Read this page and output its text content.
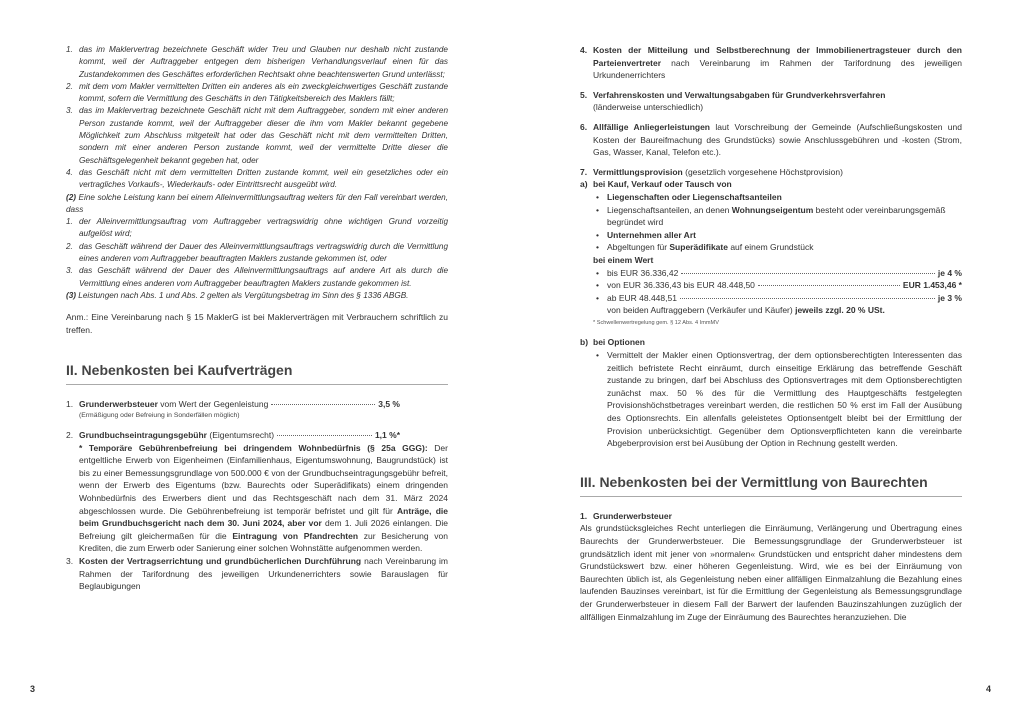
1. das im Maklervertrag bezeichnete Geschäft wider Treu und Glauben nur deshalb nicht zustande kommt, weil der Auftraggeber entgegen dem bisherigen Verhandlungsverlauf einen für das Zustandekommen des Geschäftes erforderlichen Rechtsakt ohne beachtenswerten Grund unterlässt;
2. mit dem vom Makler vermittelten Dritten ein anderes als ein zweckgleichwertiges Geschäft zustande kommt, sofern die Vermittlung des Geschäfts in den Tätigkeitsbereich des Maklers fällt;
3. das im Maklervertrag bezeichnete Geschäft nicht mit dem Auftraggeber, sondern mit einer anderen Person zustande kommt, weil der Auftraggeber dieser die ihm vom Makler bekannt gegebene Möglichkeit zum Abschluss mitgeteilt hat oder das Geschäft nicht mit dem vermittelten Dritten, sondern mit einer anderen Person zustande kommt, weil der vermittelte Dritte dieser die Geschäftsgelegenheit bekannt gegeben hat, oder
4. das Geschäft nicht mit dem vermittelten Dritten zustande kommt, weil ein gesetzliches oder ein vertragliches Vorkaufs-, Wiederkaufs- oder Eintrittsrecht ausgeübt wird.
(2) Eine solche Leistung kann bei einem Alleinvermittlungsauftrag weiters für den Fall vereinbart werden, dass
1. der Alleinvermittlungsauftrag vom Auftraggeber vertragswidrig ohne wichtigen Grund vorzeitig aufgelöst wird;
2. das Geschäft während der Dauer des Alleinvermittlungsauftrags vertragswidrig durch die Vermittlung eines anderen vom Auftraggeber beauftragten Maklers zustande gekommen ist, oder
3. das Geschäft während der Dauer des Alleinvermittlungsauftrags auf andere Art als durch die Vermittlung eines anderen vom Auftraggeber beauftragten Maklers zustande gekommen ist.
(3) Leistungen nach Abs. 1 und Abs. 2 gelten als Vergütungsbetrag im Sinn des § 1336 ABGB.
Anm.: Eine Vereinbarung nach § 15 MaklerG ist bei Maklerverträgen mit Verbrauchern schriftlich zu treffen.
II. Nebenkosten bei Kaufverträgen
1. Grunderwerbsteuer
vom Wert der Gegenleistung	3,5 %
(Ermäßigung oder Befreiung in Sonderfällen möglich)
2. Grundbuchseintragungsgebühr
(Eigentumsrecht)	1,1 %*
* Temporäre Gebührenbefreiung bei dringendem Wohnbedürfnis (§ 25a GGG): Der entgeltliche Erwerb von Eigenheimen (Einfamilienhaus, Eigentumswohnung, Baugrundstück) ist bis zu einer Bemessungsgrundlage von 500.000 € von der Grundbuchseintragungsgebühr befreit, wenn der Erwerb des Eigentums (bzw. Baurechts oder Superädifikats) einem dringenden Wohnbedürfnis des Erwerbers dient und das Rechtsgeschäft nach dem 31. März 2024 abgeschlossen wurde. Die Gebührenbefreiung ist temporär befristet und gilt für Anträge, die beim Grundbuchsgericht nach dem 30. Juni 2024, aber vor dem 1. Juli 2026 einlangen. Die Befreiung gilt gleichermaßen für die Eintragung von Pfandrechten zur Besicherung von Krediten, die zum Erwerb oder Sanierung einer solchen Wohnstätte aufgenommen werden.
3. Kosten der Vertragserrichtung und grundbücherlichen Durchführung nach Vereinbarung im Rahmen der Tarifordnung des jeweiligen Urkundenerrichters sowie Barauslagen für Beglaubigungen
3
4. Kosten der Mitteilung und Selbstberechnung der Immobilienertragsteuer durch den Parteienvertreter nach Vereinbarung im Rahmen der Tarifordnung des jeweiligen Urkundenerrichters
5. Verfahrenskosten und Verwaltungsabgaben für Grundverkehrsverfahren
(länderweise unterschiedlich)
6. Allfällige Anliegerleistungen laut Vorschreibung der Gemeinde (Aufschließungskosten und Kosten der Baureifmachung des Grundstücks) sowie Anschlussgebühren und -kosten (Strom, Gas, Wasser, Kanal, Telefon etc.).
7. Vermittlungsprovision (gesetzlich vorgesehene Höchstprovision)
a) bei Kauf, Verkauf oder Tausch von
• Liegenschaften oder Liegenschaftsanteilen
• Liegenschaftsanteilen, an denen Wohnungseigentum besteht oder vereinbarungsgemäß begründet wird
• Unternehmen aller Art
• Abgeltungen für Superädifikate auf einem Grundstück
bei einem Wert
• bis EUR 36.336,42	je 4 %
• von EUR 36.336,43 bis EUR 48.448,50	EUR 1.453,46 *
• ab EUR 48.448,51	je 3 %
von beiden Auftraggebern (Verkäufer und Käufer) jeweils zzgl. 20 % USt.
* Schwellenwertregelung gem. § 12 Abs. 4 ImmMV
b) bei Optionen
• Vermittelt der Makler einen Optionsvertrag, der dem optionsberechtigten Interessenten das zeitlich befristete Recht einräumt, durch einseitige Erklärung das betreffende Geschäft zustande zu bringen, darf bei Abschluss des Optionsvertrages mit dem Optionsberechtigten zunächst max. 50 % des für die Vermittlung des Hauptgeschäfts festgelegten Provisionshöchstbetrages vereinbart werden, die restlichen 50 % erst im Fall der Ausübung des Optionsrechts. Ein allenfalls geleistetes Optionsentgelt bleibt bei der Ermittlung der Provision unberücksichtigt. Gegenüber dem Optionsverpflichteten kann die vereinbarte Abgeberprovision erst bei Ausübung der Option in Rechnung gestellt werden.
III. Nebenkosten bei der Vermittlung von Baurechten
1. Grunderwerbsteuer
Als grundstücksgleiches Recht unterliegen die Einräumung, Verlängerung und Übertragung eines Baurechts der Grunderwerbsteuer. Die Bemessungsgrundlage der Grunderwerbsteuer ist grundsätzlich ident mit jener von »normalen« Grundstücken und entspricht daher mindestens dem Grundstückswert bzw. einer höheren Gegenleistung. Wird, wie es bei der Einräumung von Baurechten üblich ist, als Gegenleistung neben einer allfälligen Einmalzahlung die Bezahlung eines laufenden Bauzinses vereinbart, ist für die Ermittlung der Gegenleistung als Bemessungsgrundlage der Grunderwerbsteuer in diesem Fall der Barwert der laufenden Bauzinszahlungen zuzüglich der allfälligen Einmalzahlung im Zuge der Einräumung des Baurechtes heranzuziehen. Die
4
